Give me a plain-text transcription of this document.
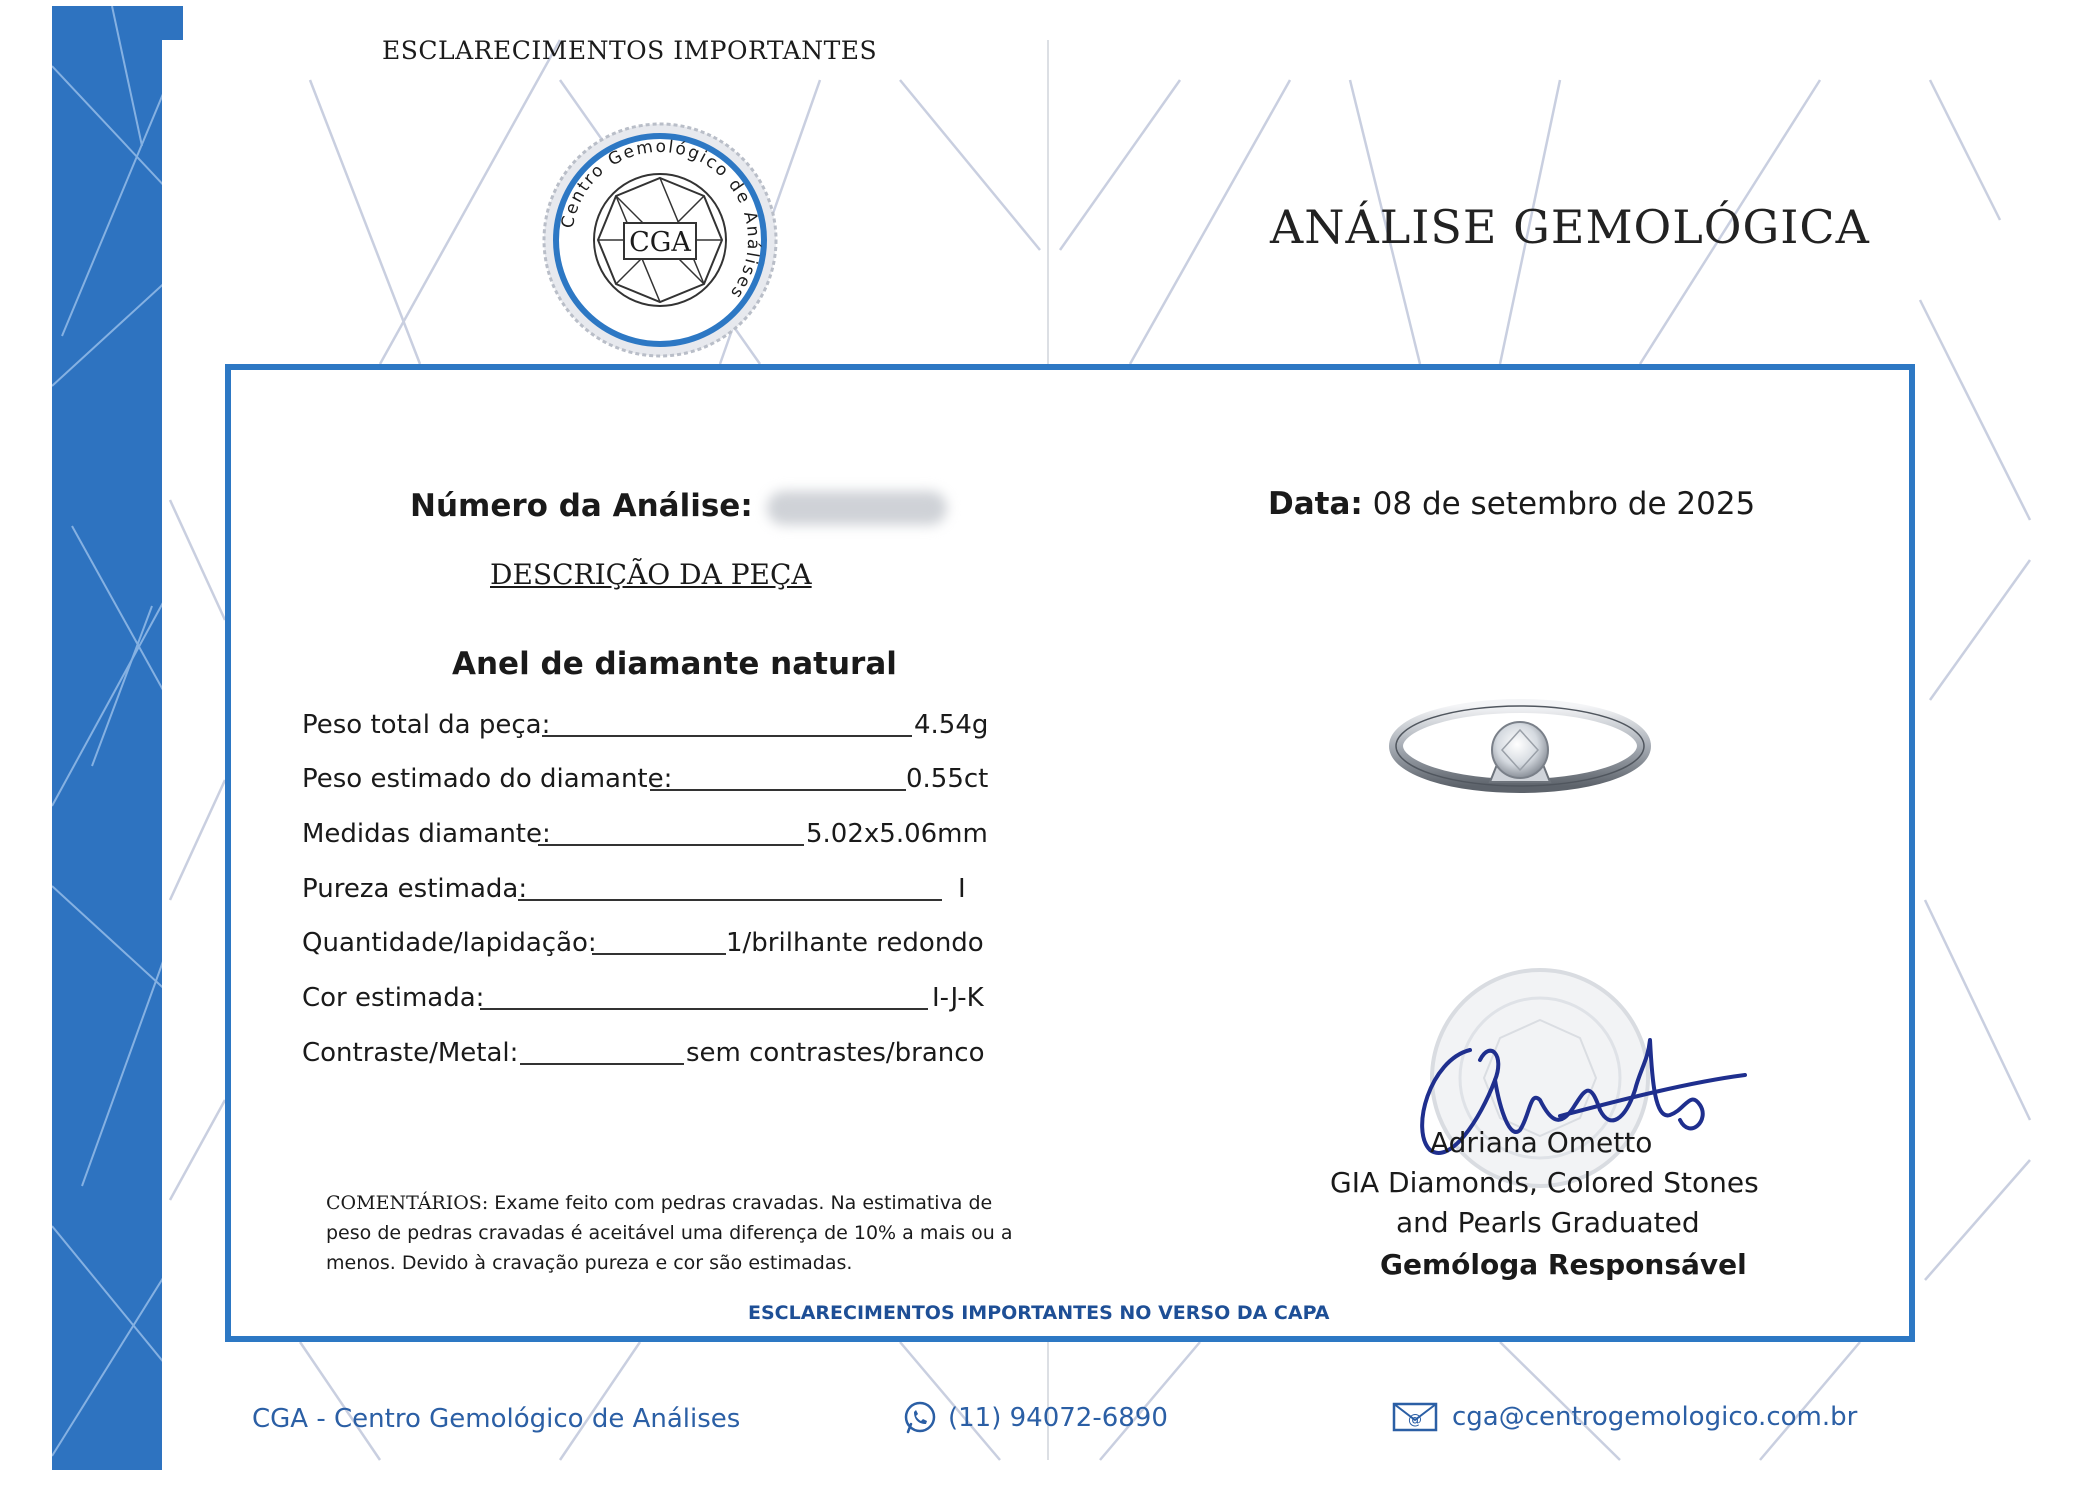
ESCLARECIMENTOS IMPORTANTES
CGA
Centro Gemológico de Análises
ANÁLISE GEMOLÓGICA
Número da Análise:	Data: 08 de setembro de 2025
DESCRIÇÃO DA PEÇA
Anel de diamante natural
Peso total da peça:	4.54g
Peso estimado do diamante:	0.55ct
Medidas diamante:	5.02x5.06mm
Pureza estimada:	I
Quantidade/lapidação:	1/brilhante redondo
Cor estimada:	I-J-K
Contraste/Metal:	sem contrastes/branco
COMENTÁRIOS: Exame feito com pedras cravadas. Na estimativa de peso de pedras cravadas é aceitável uma diferença de 10% a mais ou a menos. Devido à cravação pureza e cor são estimadas.
ESCLARECIMENTOS IMPORTANTES NO VERSO DA CAPA
Adriana Ometto
GIA Diamonds, Colored Stones
and Pearls Graduated
Gemóloga Responsável
CGA - Centro Gemológico de Análises	(11) 94072-6890	@ cga@centrogemologico.com.br
